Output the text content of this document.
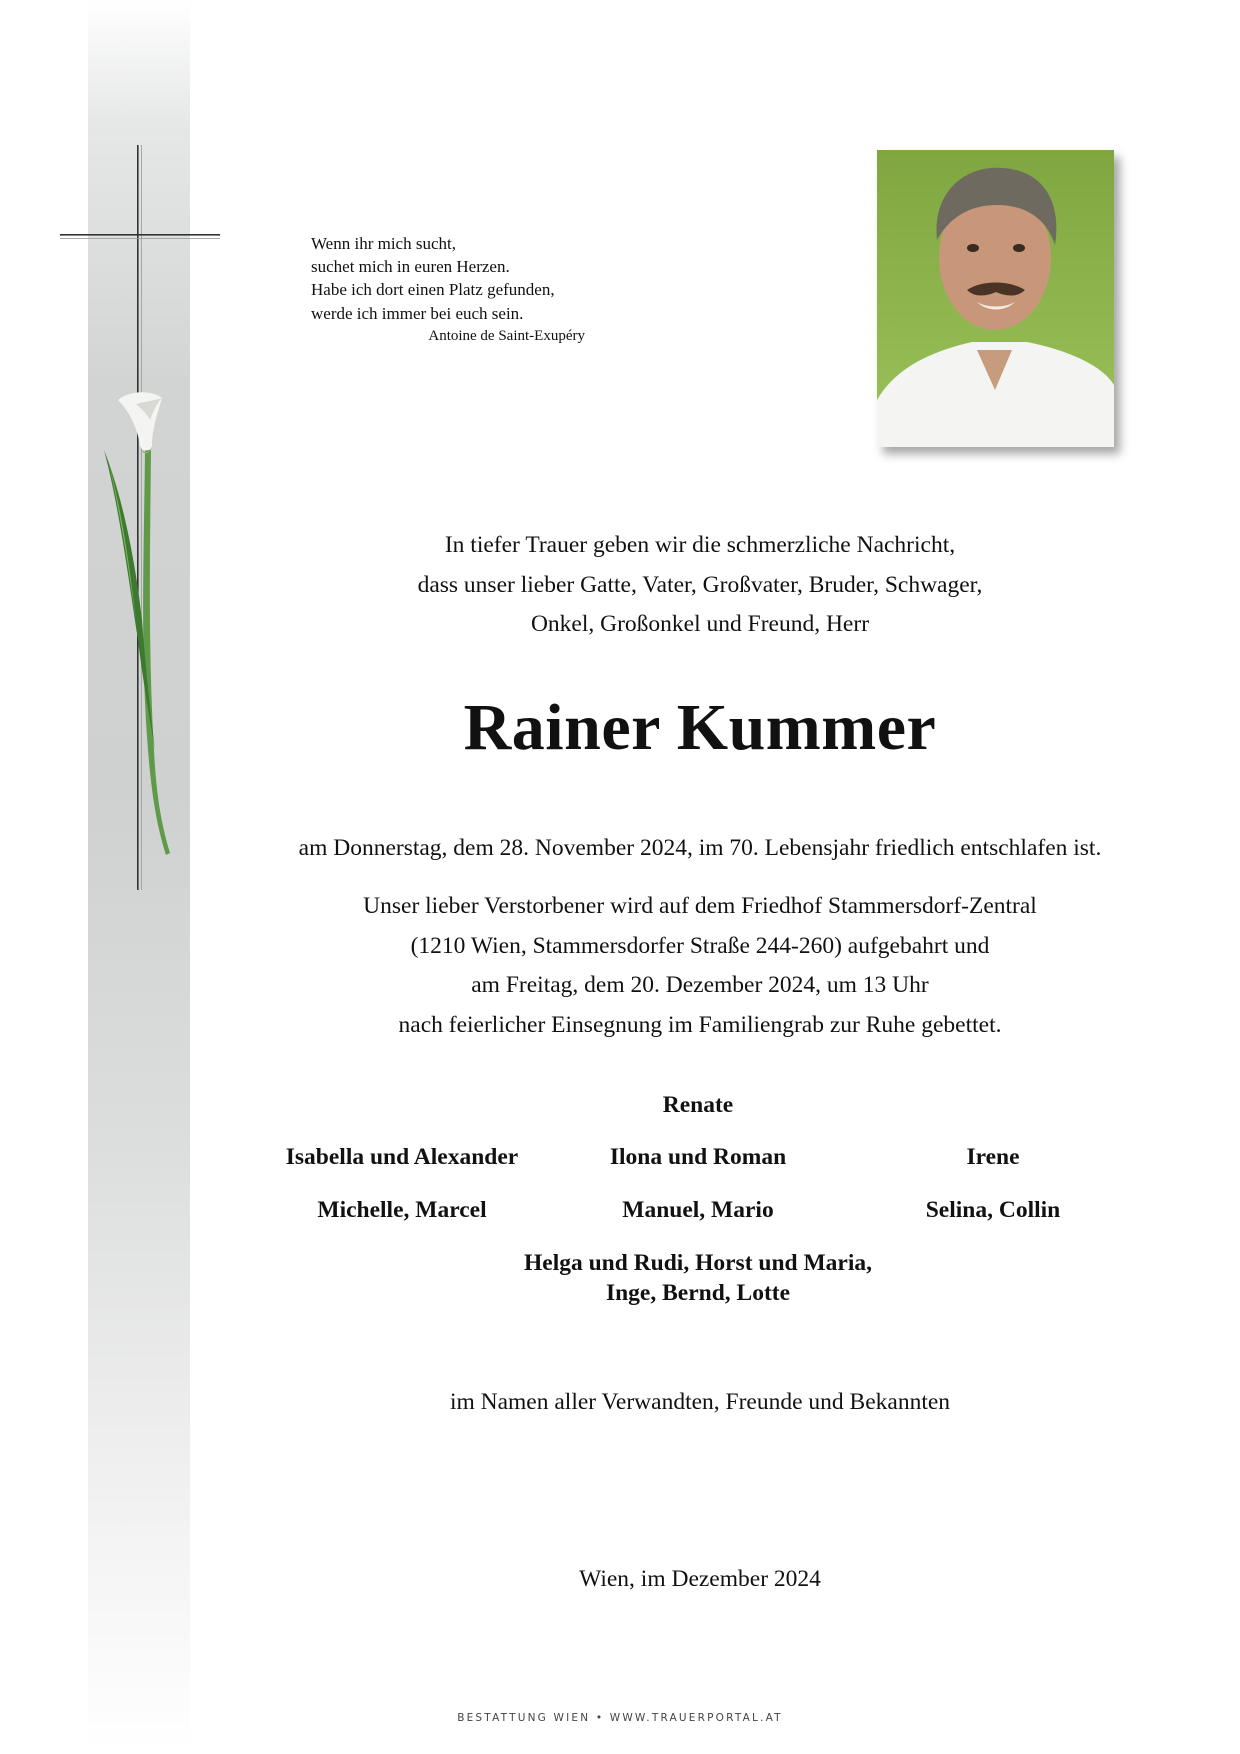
Wenn ihr mich sucht,
suchet mich in euren Herzen.
Habe ich dort einen Platz gefunden,
werde ich immer bei euch sein.
Antoine de Saint-Exupéry
In tiefer Trauer geben wir die schmerzliche Nachricht,
dass unser lieber Gatte, Vater, Großvater, Bruder, Schwager,
Onkel, Großonkel und Freund, Herr
Rainer Kummer
am Donnerstag, dem 28. November 2024, im 70. Lebensjahr friedlich entschlafen ist.
Unser lieber Verstorbener wird auf dem Friedhof Stammersdorf-Zentral
(1210 Wien, Stammersdorfer Straße 244-260) aufgebahrt und
am Freitag, dem 20. Dezember 2024, um 13 Uhr
nach feierlicher Einsegnung im Familiengrab zur Ruhe gebettet.
Renate
Isabella und Alexander	Ilona und Roman	Irene
Michelle, Marcel	Manuel, Mario	Selina, Collin
Helga und Rudi, Horst und Maria,
Inge, Bernd, Lotte
im Namen aller Verwandten, Freunde und Bekannten
Wien, im Dezember 2024
BESTATTUNG WIEN • WWW.TRAUERPORTAL.AT
